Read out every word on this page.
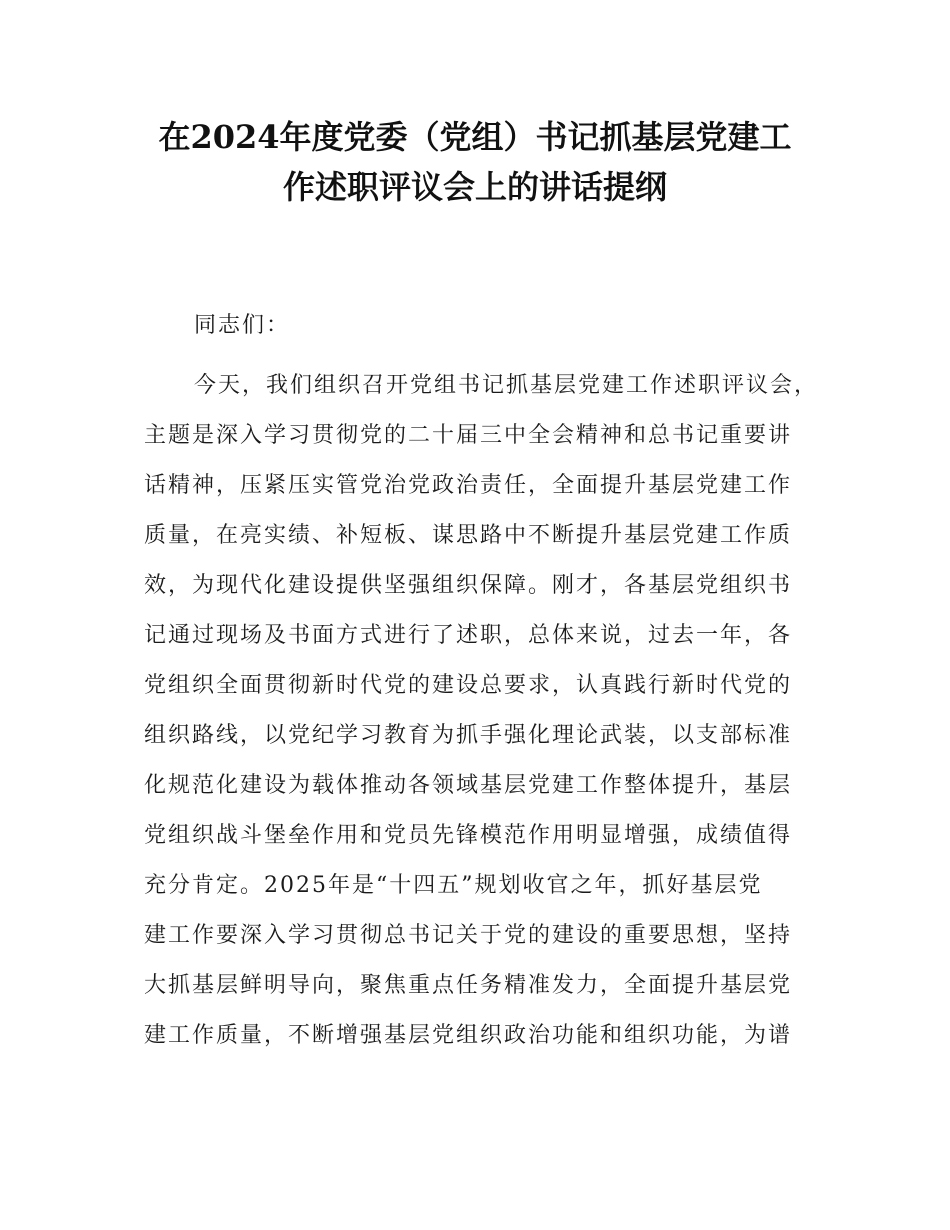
在2024年度党委（党组）书记抓基层党建工
作述职评议会上的讲话提纲
同志们：
今天，我们组织召开党组书记抓基层党建工作述职评议会，
主题是深入学习贯彻党的二十届三中全会精神和总书记重要讲
话精神，压紧压实管党治党政治责任，全面提升基层党建工作
质量，在亮实绩、补短板、谋思路中不断提升基层党建工作质
效，为现代化建设提供坚强组织保障。刚才，各基层党组织书
记通过现场及书面方式进行了述职，总体来说，过去一年，各
党组织全面贯彻新时代党的建设总要求，认真践行新时代党的
组织路线，以党纪学习教育为抓手强化理论武装，以支部标准
化规范化建设为载体推动各领域基层党建工作整体提升，基层
党组织战斗堡垒作用和党员先锋模范作用明显增强，成绩值得
充分肯定。2025年是“十四五”规划收官之年，抓好基层党
建工作要深入学习贯彻总书记关于党的建设的重要思想，坚持
大抓基层鲜明导向，聚焦重点任务精准发力，全面提升基层党
建工作质量，不断增强基层党组织政治功能和组织功能，为谱
